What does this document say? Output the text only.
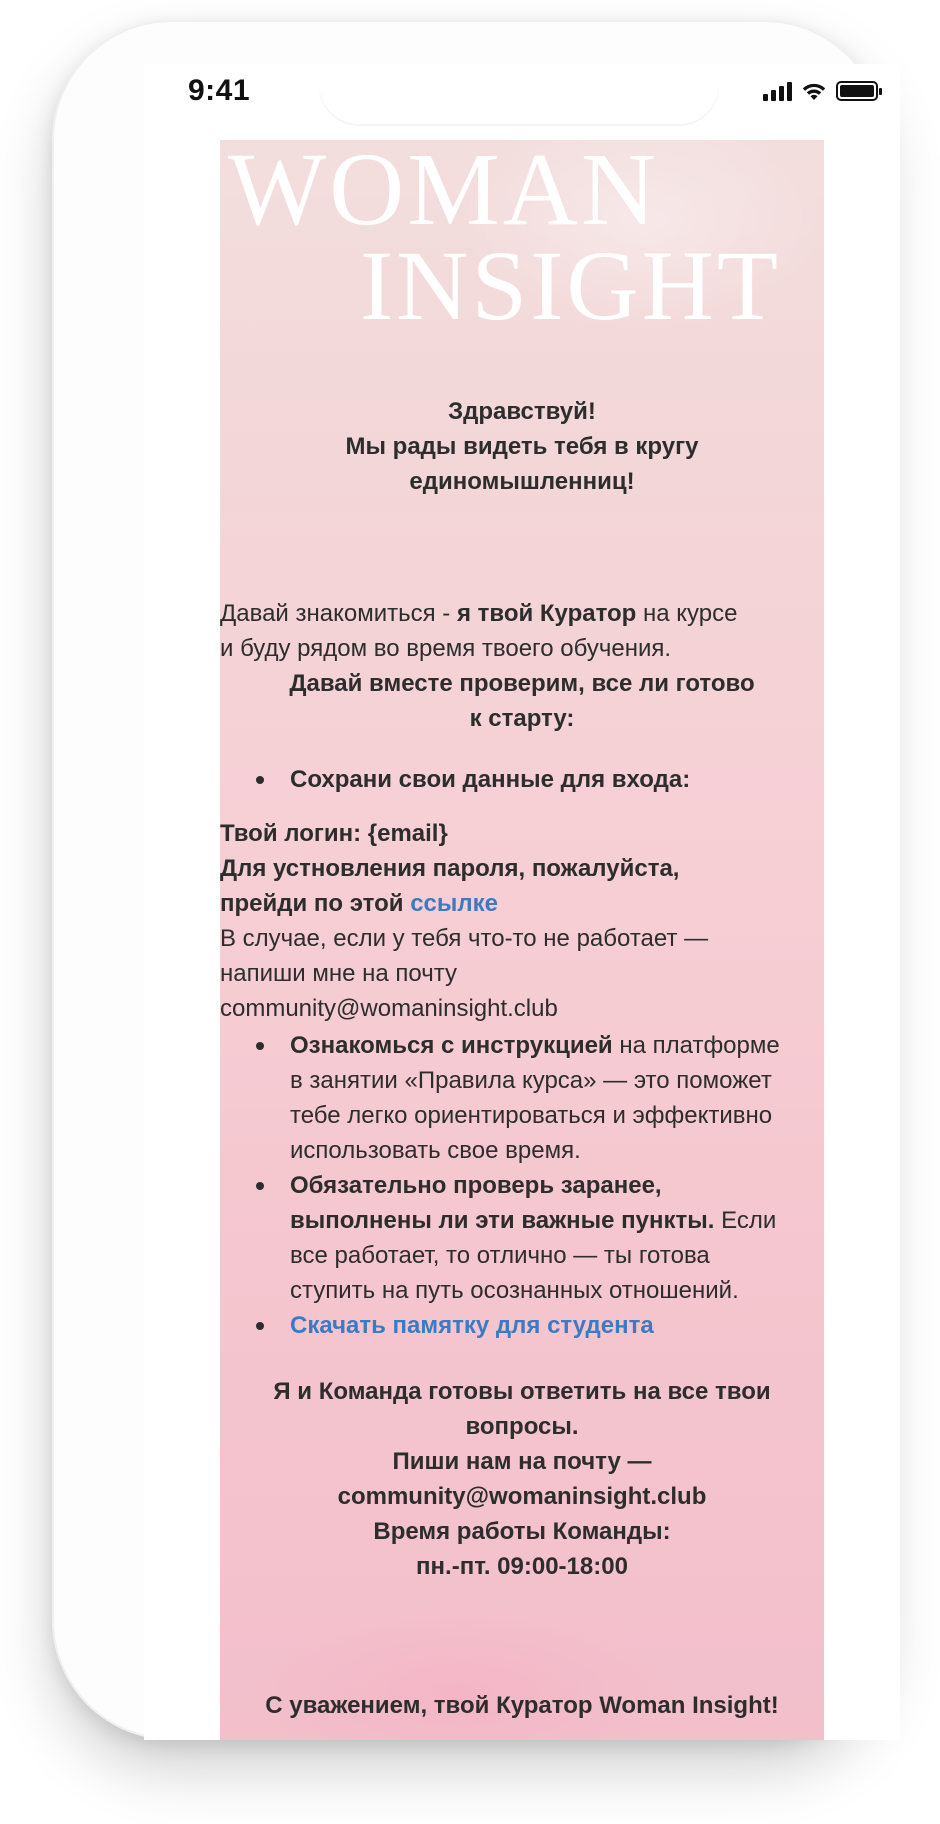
9:41
WOMAN
INSIGHT
Здравствуй!
Мы рады видеть тебя в кругу
единомышленниц!
Давай знакомиться - я твой Куратор на курсе
и буду рядом во время твоего обучения.
Давай вместе проверим, все ли готово
к старту:
Сохрани свои данные для входа:
Твой логин: {email}
Для устновления пароля, пожалуйста,
прейди по этой ссылке
В случае, если у тебя что-то не работает —
напиши мне на почту
community@womaninsight.club
Ознакомься с инструкцией на платформе
в занятии «Правила курса» — это поможет
тебе легко ориентироваться и эффективно
использовать свое время.
Обязательно проверь заранее,
выполнены ли эти важные пункты. Если
все работает, то отлично — ты готова
ступить на путь осознанных отношений.
Скачать памятку для студента
Я и Команда готовы ответить на все твои
вопросы.
Пиши нам на почту —
community@womaninsight.club
Время работы Команды:
пн.-пт. 09:00-18:00
С уважением, твой Куратор Woman Insight!
